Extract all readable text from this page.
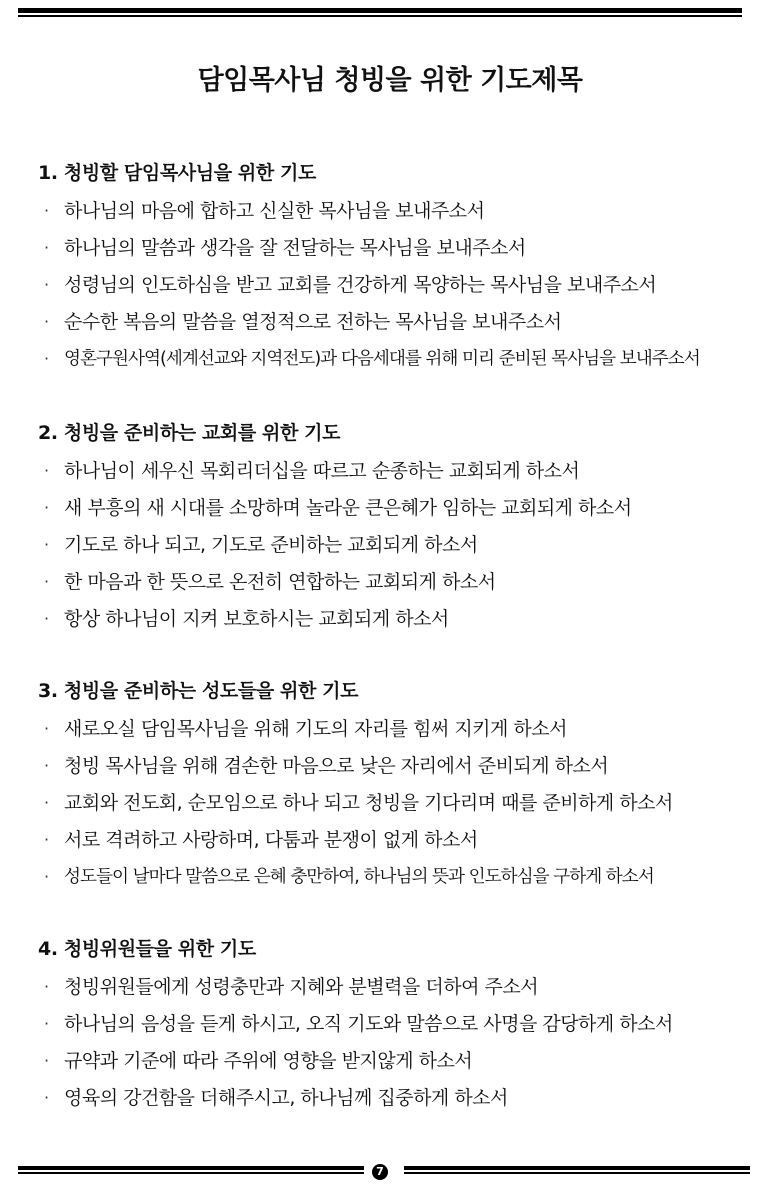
담임목사님 청빙을 위한 기도제목
1. 청빙할 담임목사님을 위한 기도
· 하나님의 마음에 합하고 신실한 목사님을 보내주소서
· 하나님의 말씀과 생각을 잘 전달하는 목사님을 보내주소서
· 성령님의 인도하심을 받고 교회를 건강하게 목양하는 목사님을 보내주소서
· 순수한 복음의 말씀을 열정적으로 전하는 목사님을 보내주소서
· 영혼구원사역(세계선교와 지역전도)과 다음세대를 위해 미리 준비된 목사님을 보내주소서
2. 청빙을 준비하는 교회를 위한 기도
· 하나님이 세우신 목회리더십을 따르고 순종하는 교회되게 하소서
· 새 부흥의 새 시대를 소망하며 놀라운 큰은혜가 임하는 교회되게 하소서
· 기도로 하나 되고, 기도로 준비하는 교회되게 하소서
· 한 마음과 한 뜻으로 온전히 연합하는 교회되게 하소서
· 항상 하나님이 지켜 보호하시는 교회되게 하소서
3. 청빙을 준비하는 성도들을 위한 기도
· 새로오실 담임목사님을 위해 기도의 자리를 힘써 지키게 하소서
· 청빙 목사님을 위해 겸손한 마음으로 낮은 자리에서 준비되게 하소서
· 교회와 전도회, 순모임으로 하나 되고 청빙을 기다리며 때를 준비하게 하소서
· 서로 격려하고 사랑하며, 다툼과 분쟁이 없게 하소서
· 성도들이 날마다 말씀으로 은혜 충만하여, 하나님의 뜻과 인도하심을 구하게 하소서
4. 청빙위원들을 위한 기도
· 청빙위원들에게 성령충만과 지혜와 분별력을 더하여 주소서
· 하나님의 음성을 듣게 하시고, 오직 기도와 말씀으로 사명을 감당하게 하소서
· 규약과 기준에 따라 주위에 영향을 받지않게 하소서
· 영육의 강건함을 더해주시고, 하나님께 집중하게 하소서
7
